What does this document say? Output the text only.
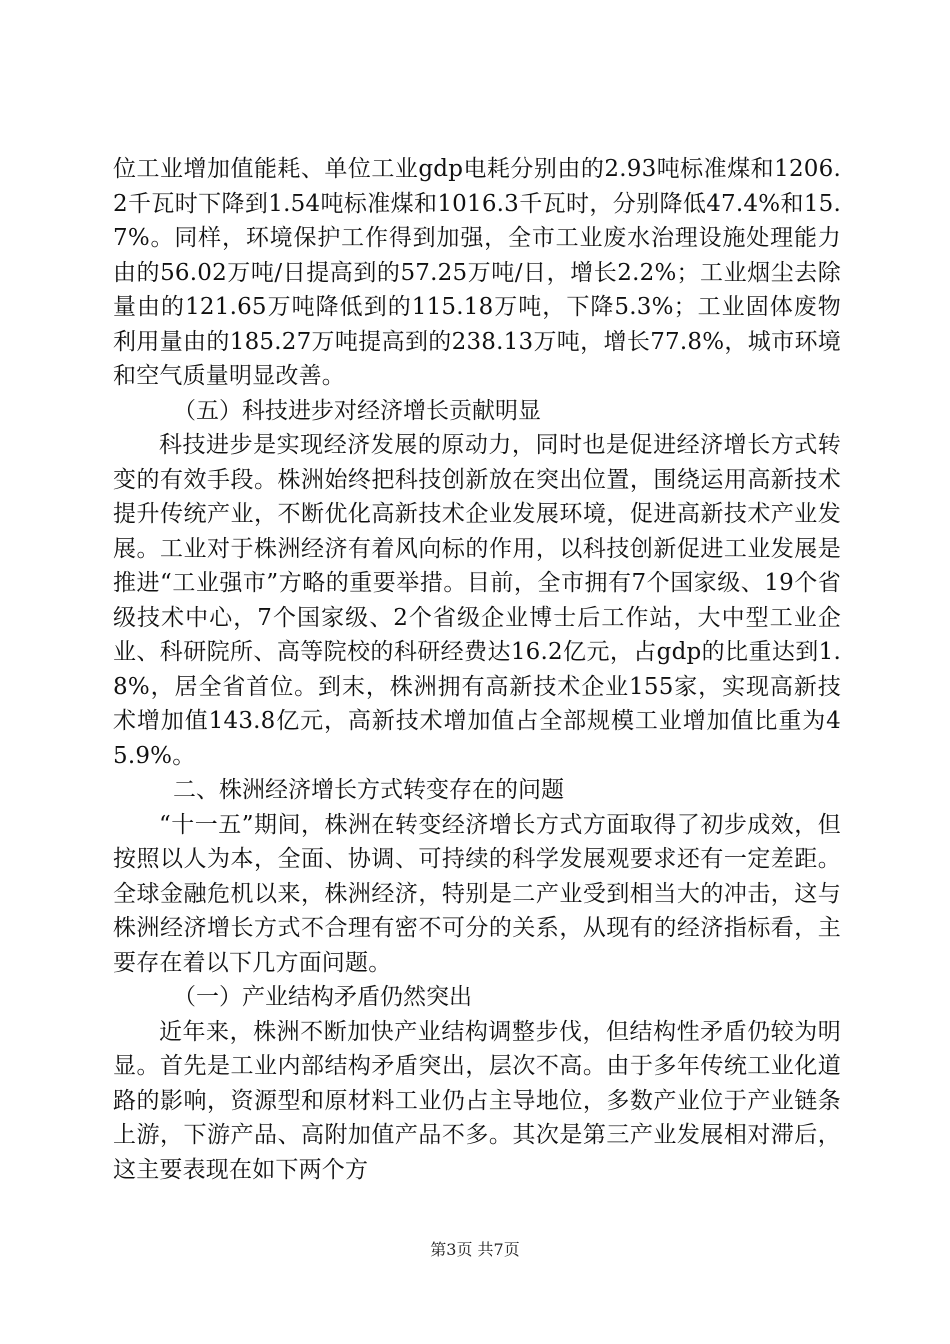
位工业增加值能耗、单位工业gdp电耗分别由的2.93吨标准煤和1206.2千瓦时下降到1.54吨标准煤和1016.3千瓦时，分别降低47.4%和15.7%。同样，环境保护工作得到加强，全市工业废水治理设施处理能力由的56.02万吨/日提高到的57.25万吨/日，增长2.2%；工业烟尘去除量由的121.65万吨降低到的115.18万吨，下降5.3%；工业固体废物利用量由的185.27万吨提高到的238.13万吨，增长77.8%，城市环境和空气质量明显改善。

（五）科技进步对经济增长贡献明显

科技进步是实现经济发展的原动力，同时也是促进经济增长方式转变的有效手段。株洲始终把科技创新放在突出位置，围绕运用高新技术提升传统产业，不断优化高新技术企业发展环境，促进高新技术产业发展。工业对于株洲经济有着风向标的作用，以科技创新促进工业发展是推进“工业强市”方略的重要举措。目前，全市拥有7个国家级、19个省级技术中心，7个国家级、2个省级企业博士后工作站，大中型工业企业、科研院所、高等院校的科研经费达16.2亿元，占gdp的比重达到1.8%，居全省首位。到末，株洲拥有高新技术企业155家，实现高新技术增加值143.8亿元，高新技术增加值占全部规模工业增加值比重为45.9%。

二、株洲经济增长方式转变存在的问题

“十一五”期间，株洲在转变经济增长方式方面取得了初步成效，但按照以人为本，全面、协调、可持续的科学发展观要求还有一定差距。全球金融危机以来，株洲经济，特别是二产业受到相当大的冲击，这与株洲经济增长方式不合理有密不可分的关系，从现有的经济指标看，主要存在着以下几方面问题。

（一）产业结构矛盾仍然突出

近年来，株洲不断加快产业结构调整步伐，但结构性矛盾仍较为明显。首先是工业内部结构矛盾突出，层次不高。由于多年传统工业化道路的影响，资源型和原材料工业仍占主导地位，多数产业位于产业链条上游，下游产品、高附加值产品不多。其次是第三产业发展相对滞后，这主要表现在如下两个方

第3页 共7页
